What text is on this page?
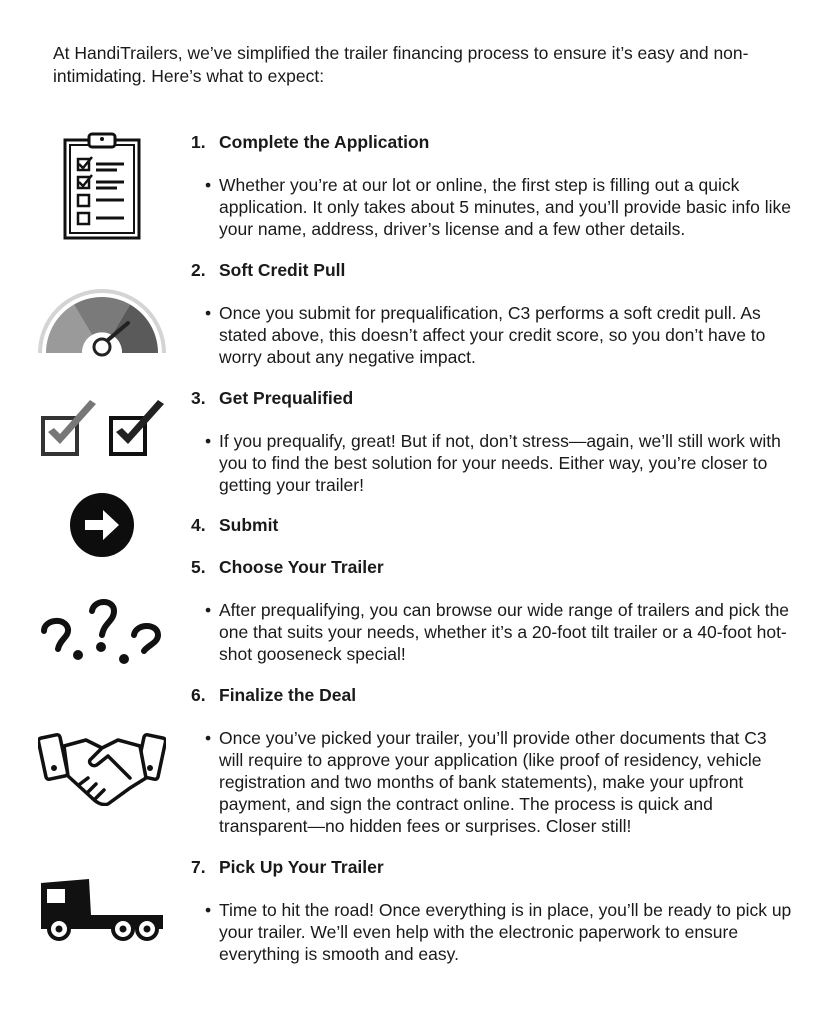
At HandiTrailers, we’ve simplified the trailer financing process to ensure it’s easy and non-intimidating. Here’s what to expect:

1. Complete the Application

• Whether you’re at our lot or online, the first step is filling out a quick application. It only takes about 5 minutes, and you’ll provide basic info like your name, address, driver’s license and a few other details.

2. Soft Credit Pull

• Once you submit for prequalification, C3 performs a soft credit pull. As stated above, this doesn’t affect your credit score, so you don’t have to worry about any negative impact.

3. Get Prequalified

• If you prequalify, great! But if not, don’t stress—again, we’ll still work with you to find the best solution for your needs. Either way, you’re closer to getting your trailer!

4. Submit

5. Choose Your Trailer

• After prequalifying, you can browse our wide range of trailers and pick the one that suits your needs, whether it’s a 20-foot tilt trailer or a 40-foot hot-shot gooseneck special!

6. Finalize the Deal

• Once you’ve picked your trailer, you’ll provide other documents that C3 will require to approve your application (like proof of residency, vehicle registration and two months of bank statements), make your upfront payment, and sign the contract online. The process is quick and transparent—no hidden fees or surprises. Closer still!

7. Pick Up Your Trailer

• Time to hit the road! Once everything is in place, you’ll be ready to pick up your trailer. We’ll even help with the electronic paperwork to ensure everything is smooth and easy.
